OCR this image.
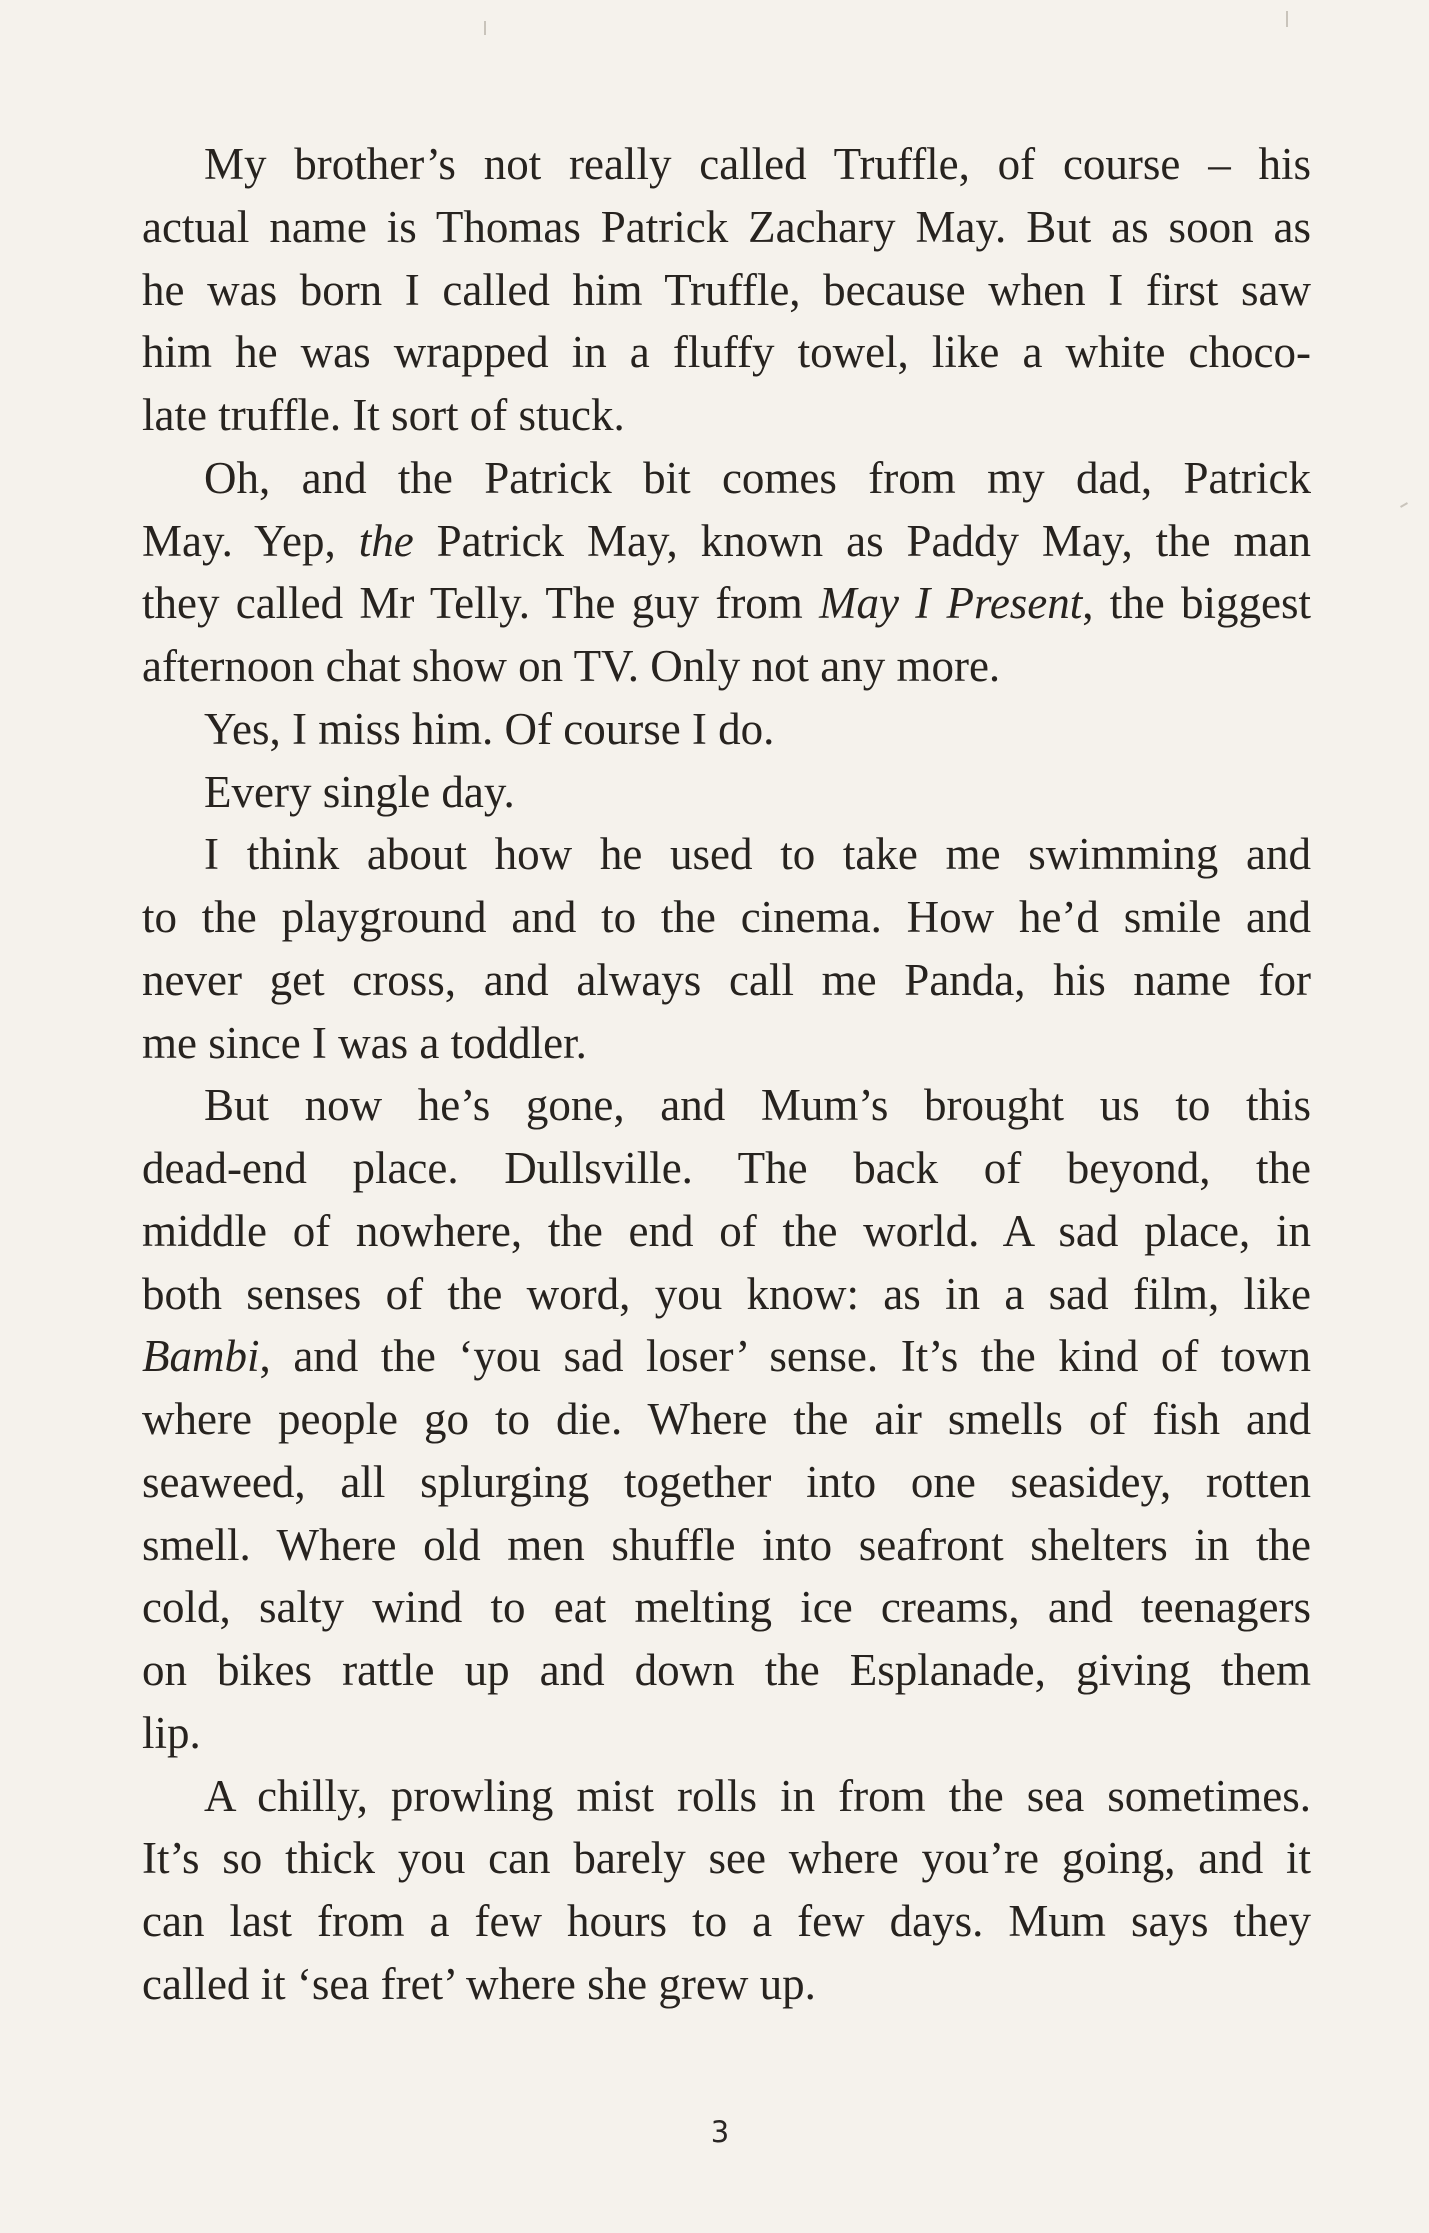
My brother’s not really called Truffle, of course – his
actual name is Thomas Patrick Zachary May. But as soon as
he was born I called him Truffle, because when I first saw
him he was wrapped in a fluffy towel, like a white choco-
late truffle. It sort of stuck.
Oh, and the Patrick bit comes from my dad, Patrick
May. Yep, the Patrick May, known as Paddy May, the man
they called Mr Telly. The guy from May I Present, the biggest
afternoon chat show on TV. Only not any more.
Yes, I miss him. Of course I do.
Every single day.
I think about how he used to take me swimming and
to the playground and to the cinema. How he’d smile and
never get cross, and always call me Panda, his name for
me since I was a toddler.
But now he’s gone, and Mum’s brought us to this
dead-end place. Dullsville. The back of beyond, the
middle of nowhere, the end of the world. A sad place, in
both senses of the word, you know: as in a sad film, like
Bambi, and the ‘you sad loser’ sense. It’s the kind of town
where people go to die. Where the air smells of fish and
seaweed, all splurging together into one seasidey, rotten
smell. Where old men shuffle into seafront shelters in the
cold, salty wind to eat melting ice creams, and teenagers
on bikes rattle up and down the Esplanade, giving them
lip.
A chilly, prowling mist rolls in from the sea sometimes.
It’s so thick you can barely see where you’re going, and it
can last from a few hours to a few days. Mum says they
called it ‘sea fret’ where she grew up.
3
